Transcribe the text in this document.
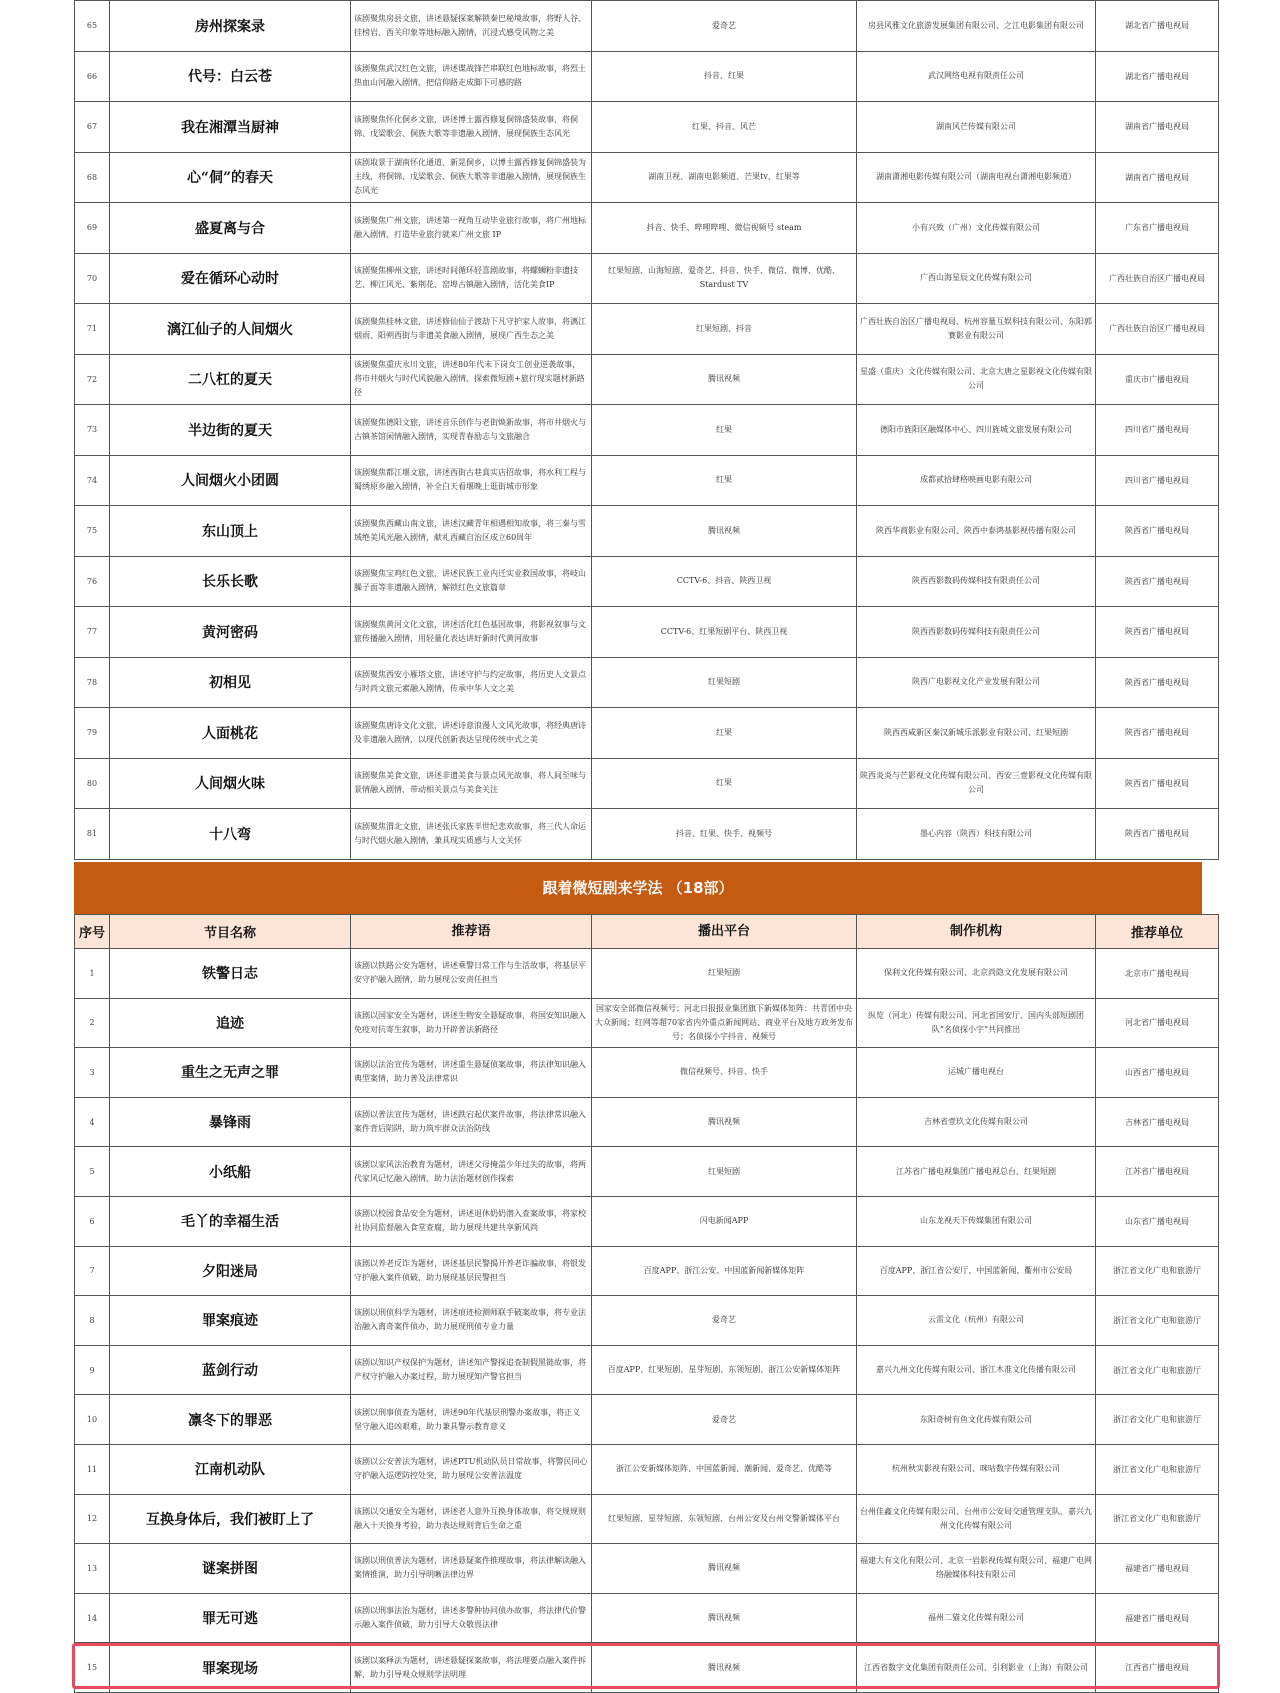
65	房州探案录	该剧聚焦房县文旅，讲述悬疑探案解锁秦巴秘境故事，将野人谷、挂榜岩、西关印象等地标融入剧情，沉浸式感受风物之美	爱奇艺	房县风雅文化旅游发展集团有限公司、之江电影集团有限公司	湖北省广播电视局
66	代号：白云苍	该剧聚焦武汉红色文旅，讲述谍战锋芒串联红色地标故事，将烈士热血山河融入剧情，把信仰路走成脚下可感的路	抖音、红果	武汉网络电视有限责任公司	湖北省广播电视局
67	我在湘潭当厨神	该剧聚焦怀化侗乡文旅，讲述博士露西修复侗锦盛装故事，将侗锦、戊梁歌会、侗族大歌等非遗融入剧情，展现侗族生态风光	红果、抖音、风芒	湖南风芒传媒有限公司	湖南省广播电视局
68	心“侗”的春天	该剧取景于湖南怀化通道、新晃侗乡，以博主露西修复侗锦盛装为主线，将侗锦、戊梁歌会、侗族大歌等非遗融入剧情，展现侗族生态风光	湖南卫视、湖南电影频道、芒果tv、红果等	湖南潇湘电影传媒有限公司（湖南电视台潇湘电影频道）	湖南省广播电视局
69	盛夏离与合	该剧聚焦广州文旅，讲述第一视角互动毕业旅行故事，将广州地标融入剧情，打造毕业旅行就来广州文旅 IP	抖音、快手、哔哩哔哩、微信视频号 steam	小有兴致（广州）文化传媒有限公司	广东省广播电视局
70	爱在循环心动时	该剧聚焦柳州文旅，讲述时间循环轻喜剧故事，将螺蛳粉非遗技艺、柳江风光、紫荆花、窑埠古镇融入剧情，活化美食IP	红果短剧、山海短剧、爱奇艺、抖音、快手、微信、微博、优酷、Stardust TV	广西山海星辰文化传媒有限公司	广西壮族自治区广播电视局
71	漓江仙子的人间烟火	该剧聚焦桂林文旅，讲述修仙仙子渡劫下凡守护家人故事，将漓江烟雨、阳朔西街与非遗美食融入剧情，展现广西生态之美	红果短剧、抖音	广西壮族自治区广播电视局、杭州容量互娱科技有限公司、东阳郭赛影业有限公司	广西壮族自治区广播电视局
72	二八杠的夏天	该剧聚焦重庆永川文旅，讲述80年代末下岗女工创业逆袭故事，将市井烟火与时代风貌融入剧情，探索微短剧+旅行现实题材新路径	腾讯视频	星盛（重庆）文化传媒有限公司、北京大唐之星影视文化传媒有限公司	重庆市广播电视局
73	半边街的夏天	该剧聚焦德阳文旅，讲述音乐创作与老街焕新故事，将市井烟火与古镇茶馆闲情融入剧情，实现青春励志与文旅融合	红果	德阳市旌阳区融媒体中心、四川旌城文旅发展有限公司	四川省广播电视局
74	人间烟火小团圆	该剧聚焦都江堰文旅，讲述西街古巷真实店招故事，将水利工程与蜀绣原乡融入剧情，补全白天看堰晚上逛街城市形象	红果	成都贰拾肆格映画电影有限公司	四川省广播电视局
75	东山顶上	该剧聚焦西藏山南文旅，讲述汉藏青年相遇相知故事，将三秦与雪域绝美风光融入剧情，献礼西藏自治区成立60周年	腾讯视频	陕西华商影业有限公司、陕西中泰鸿基影视传播有限公司	陕西省广播电视局
76	长乐长歌	该剧聚焦宝鸡红色文旅，讲述民族工业内迁实业救国故事，将岐山臊子面等非遗融入剧情，解锁红色文旅篇章	CCTV-6、抖音、陕西卫视	陕西西影数码传媒科技有限责任公司	陕西省广播电视局
77	黄河密码	该剧聚焦黄河文化文旅，讲述活化红色基因故事，将影视叙事与文旅传播融入剧情，用轻量化表达讲好新时代黄河故事	CCTV-6、红果短剧平台、陕西卫视	陕西西影数码传媒科技有限责任公司	陕西省广播电视局
78	初相见	该剧聚焦西安小雁塔文旅，讲述守护与约定故事，将历史人文景点与时尚文旅元素融入剧情，传承中华人文之美	红果短剧	陕西广电影视文化产业发展有限公司	陕西省广播电视局
79	人面桃花	该剧聚焦唐诗文化文旅，讲述诗意浪漫人文风光故事，将经典唐诗及非遗融入剧情，以现代创新表达呈现传统中式之美	红果	陕西西咸新区秦汉新城乐派影业有限公司、红果短剧	陕西省广播电视局
80	人间烟火味	该剧聚焦美食文旅，讲述非遗美食与景点风光故事，将人间至味与景情融入剧情，带动相关景点与美食关注	红果	陕西炎炎与芒影视文化传媒有限公司、西安三壹影视文化传媒有限公司	陕西省广播电视局
81	十八弯	该剧聚焦渭北文旅，讲述张氏家族半世纪悲欢故事，将三代人命运与时代烟火融入剧情，兼具现实质感与人文关怀	抖音、红果、快手、视频号	墨心内容（陕西）科技有限公司	陕西省广播电视局
跟着微短剧来学法 （18部）
序号	节目名称	推荐语	播出平台	制作机构	推荐单位
1	铁警日志	该剧以铁路公安为题材，讲述乘警日常工作与生活故事，将基层平安守护融入剧情，助力展现公安责任担当	红果短剧	保利文化传媒有限公司、北京尚隐文化发展有限公司	北京市广播电视局
2	追迹	该剧以国家安全为题材，讲述生物安全悬疑故事，将国安知识融入免疫对抗寄生叙事，助力开辟普法新路径	国家安全部微信视频号；河北日报报业集团旗下新媒体矩阵：共青团中央大众新闻；红网等超70家省内外重点新闻网站、商业平台及地方政务发布号；名侦探小宇抖音、视频号	纵览（河北）传媒有限公司、河北省国安厅、国内头部短剧团队“名侦探小宇”共同推出	河北省广播电视局
3	重生之无声之罪	该剧以法治宣传为题材，讲述重生悬疑侦案故事，将法律知识融入典型案情，助力普及法律常识	微信视频号、抖音、快手	运城广播电视台	山西省广播电视局
4	暴锋雨	该剧以普法宣传为题材，讲述跌宕起伏案件故事，将法律常识融入案件背后陷阱，助力筑牢群众法治防线	腾讯视频	吉林省壹玖文化传媒有限公司	吉林省广播电视局
5	小纸船	该剧以家风法治教育为题材，讲述父母掩盖少年过失的故事，将两代家风记忆融入剧情，助力法治题材创作探索	红果短剧	江苏省广播电视集团广播电视总台、红果短剧	江苏省广播电视局
6	毛丫的幸福生活	该剧以校园食品安全为题材，讲述退休奶奶潜入查案故事，将家校社协同监督融入食堂查腐，助力展现共建共享新风尚	闪电新闻APP	山东龙视天下传媒集团有限公司	山东省广播电视局
7	夕阳迷局	该剧以养老反诈为题材，讲述基层民警揭开养老诈骗故事，将银发守护融入案件侦破，助力展现基层民警担当	百度APP、浙江公安、中国蓝新闻新媒体矩阵	百度APP、浙江省公安厅、中国蓝新闻、衢州市公安局	浙江省文化广电和旅游厅
8	罪案痕迹	该剧以刑侦科学为题材，讲述痕迹检测师联手破案故事，将专业法治融入离奇案件侦办，助力展现刑侦专业力量	爱奇艺	云雷文化（杭州）有限公司	浙江省文化广电和旅游厅
9	蓝剑行动	该剧以知识产权保护为题材，讲述知产警探追查制假黑链故事，将产权守护融入办案过程，助力展现知产警官担当	百度APP、红果短剧、星芽短剧、东领短剧、浙江公安新媒体矩阵	嘉兴九州文化传媒有限公司、浙江木准文化传播有限公司	浙江省文化广电和旅游厅
10	凛冬下的罪恶	该剧以刑事侦查为题材，讲述90年代基层刑警办案故事，将正义坚守融入追凶艰难，助力兼具警示教育意义	爱奇艺	东阳奇树有鱼文化传媒有限公司	浙江省文化广电和旅游厅
11	江南机动队	该剧以公安普法为题材，讲述PTU机动队员日常故事，将警民同心守护融入巡逻防控处突，助力展现公安普法温度	浙江公安新媒体矩阵、中国蓝新闻、潮新闻、爱奇艺、优酷等	杭州秋实影视有限公司、咪咕数字传媒有限公司	浙江省文化广电和旅游厅
12	互换身体后，我们被盯上了	该剧以交通安全为题材，讲述老人意外互换身体故事，将交规规则融入十天换身考验，助力表达规则背后生命之重	红果短剧、星芽短剧、东领短剧、台州公安及台州交警新媒体平台	台州佳鑫文化传媒有限公司、台州市公安局交通管理支队、嘉兴九州文化传媒有限公司	浙江省文化广电和旅游厅
13	谜案拼图	该剧以刑侦普法为题材，讲述悬疑案件推理故事，将法律解读融入案情推演，助力引导明晰法律边界	腾讯视频	福建大有文化有限公司、北京一岩影视传媒有限公司、福建广电网络融媒体科技有限公司	福建省广播电视局
14	罪无可逃	该剧以刑事法治为题材，讲述多警种协同侦办故事，将法律代价警示融入案件侦破，助力引导大众敬畏法律	腾讯视频	福州二猫文化传媒有限公司	福建省广播电视局
15	罪案现场	该剧以案释法为题材，讲述悬疑探案故事，将法理要点融入案件拆解，助力引导观众规则学法明理	腾讯视频	江西省数字文化集团有限责任公司、引利影业（上海）有限公司	江西省广播电视局
